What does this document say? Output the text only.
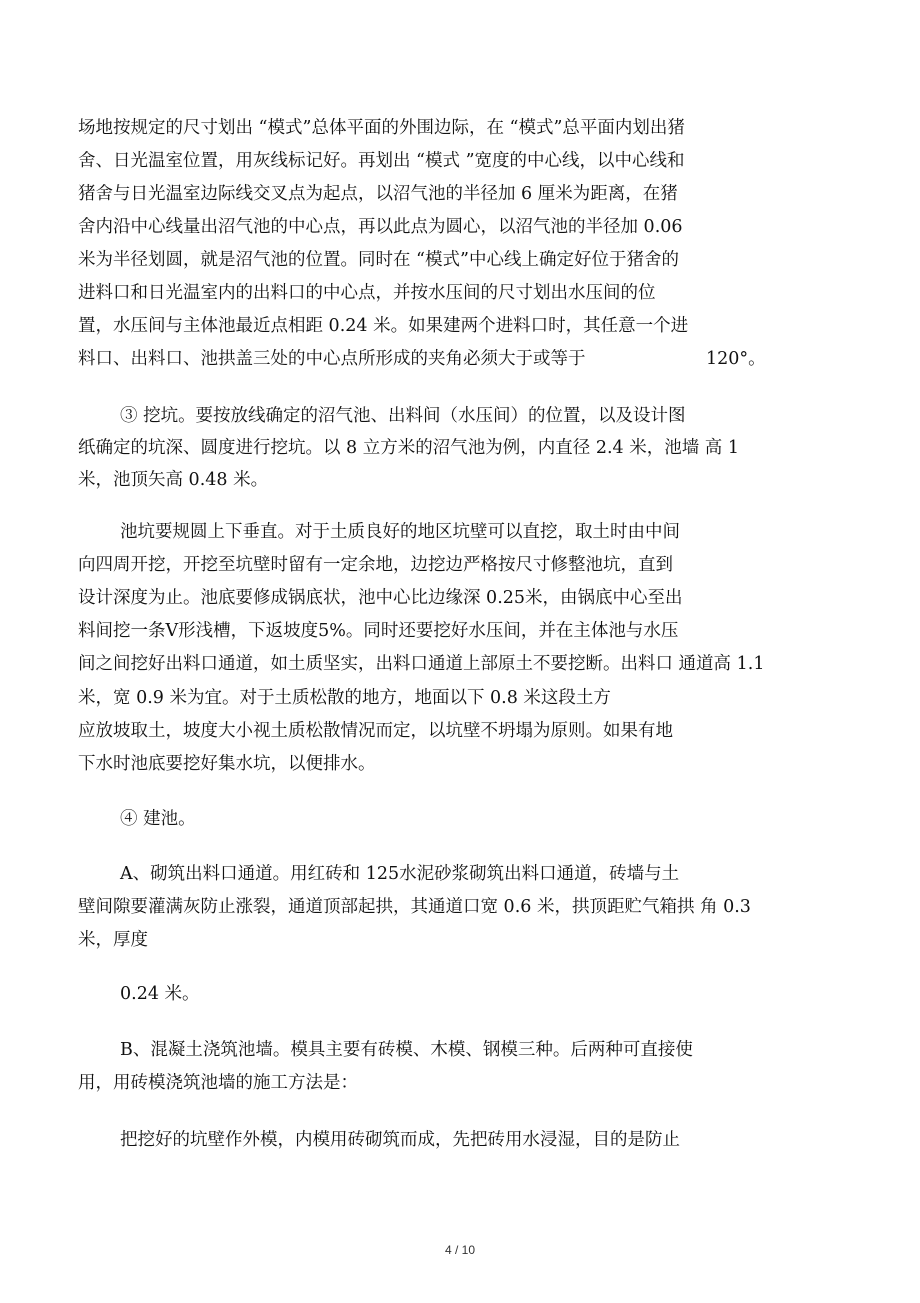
场地按规定的尺寸划出 “模式”总体平面的外围边际，在 “模式”总平面内划出猪
舍、日光温室位置，用灰线标记好。再划出 “模式 ”宽度的中心线，以中心线和
猪舍与日光温室边际线交叉点为起点，以沼气池的半径加 6 厘米为距离，在猪
舍内沿中心线量出沼气池的中心点，再以此点为圆心，以沼气池的半径加 0.06
米为半径划圆，就是沼气池的位置。同时在 “模式”中心线上确定好位于猪舍的
进料口和日光温室内的出料口的中心点，并按水压间的尺寸划出水压间的位
置，水压间与主体池最近点相距 0.24 米。如果建两个进料口时，其任意一个进
料口、出料口、池拱盖三处的中心点所形成的夹角必须大于或等于	120°。
③ 挖坑。要按放线确定的沼气池、出料间（水压间）的位置，以及设计图
纸确定的坑深、圆度进行挖坑。以 8 立方米的沼气池为例，内直径 2.4 米，池墙 高 1
米，池顶矢高 0.48 米。
池坑要规圆上下垂直。对于土质良好的地区坑壁可以直挖，取土时由中间
向四周开挖，开挖至坑壁时留有一定余地，边挖边严格按尺寸修整池坑，直到
设计深度为止。池底要修成锅底状，池中心比边缘深 0.25米，由锅底中心至出
料间挖一条V形浅槽，下返坡度5%。同时还要挖好水压间，并在主体池与水压
间之间挖好出料口通道，如土质坚实，出料口通道上部原土不要挖断。出料口 通道高 1.1
米，宽 0.9 米为宜。对于土质松散的地方，地面以下 0.8 米这段土方
应放坡取土，坡度大小视土质松散情况而定，以坑壁不坍塌为原则。如果有地
下水时池底要挖好集水坑，以便排水。
④ 建池。
A、砌筑出料口通道。用红砖和 125水泥砂浆砌筑出料口通道，砖墙与土
壁间隙要灌满灰防止涨裂，通道顶部起拱，其通道口宽 0.6 米，拱顶距贮气箱拱 角 0.3
米，厚度
0.24 米。
B、混凝土浇筑池墙。模具主要有砖模、木模、钢模三种。后两种可直接使
用，用砖模浇筑池墙的施工方法是：
把挖好的坑壁作外模，内模用砖砌筑而成，先把砖用水浸湿，目的是防止
4 / 10
